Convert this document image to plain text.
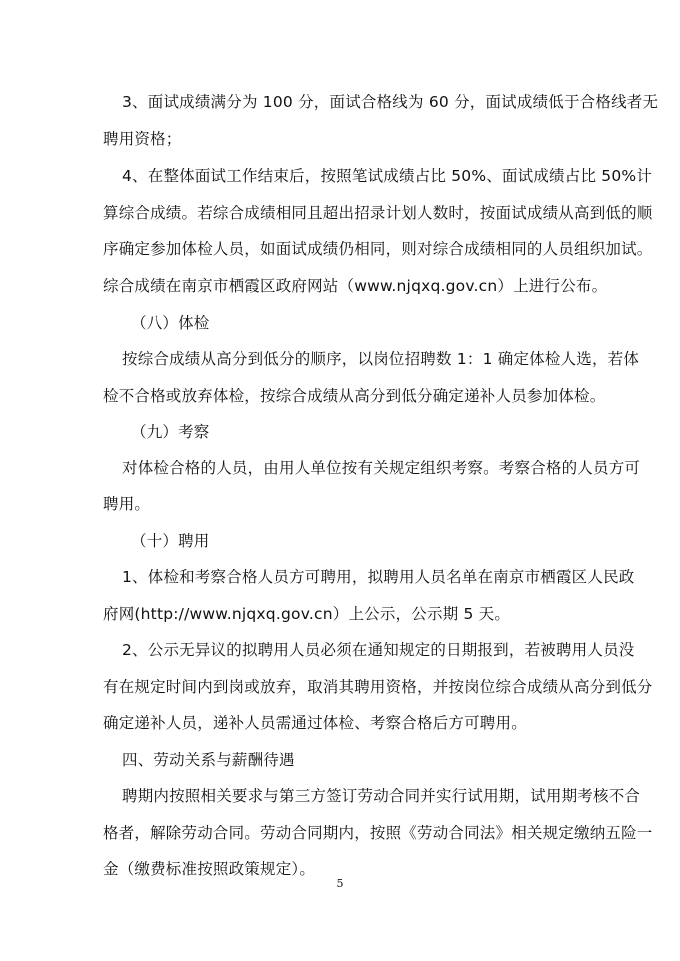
3、面试成绩满分为 100 分，面试合格线为 60 分，面试成绩低于合格线者无
聘用资格；
4、在整体面试工作结束后，按照笔试成绩占比 50%、面试成绩占比 50%计
算综合成绩。若综合成绩相同且超出招录计划人数时，按面试成绩从高到低的顺
序确定参加体检人员，如面试成绩仍相同，则对综合成绩相同的人员组织加试。
综合成绩在南京市栖霞区政府网站（www.njqxq.gov.cn）上进行公布。
（八）体检
按综合成绩从高分到低分的顺序，以岗位招聘数 1：1 确定体检人选，若体
检不合格或放弃体检，按综合成绩从高分到低分确定递补人员参加体检。
（九）考察
对体检合格的人员，由用人单位按有关规定组织考察。考察合格的人员方可
聘用。
（十）聘用
1、体检和考察合格人员方可聘用，拟聘用人员名单在南京市栖霞区人民政
府网(http://www.njqxq.gov.cn）上公示，公示期 5 天。
2、公示无异议的拟聘用人员必须在通知规定的日期报到，若被聘用人员没
有在规定时间内到岗或放弃，取消其聘用资格，并按岗位综合成绩从高分到低分
确定递补人员，递补人员需通过体检、考察合格后方可聘用。
四、劳动关系与薪酬待遇
聘期内按照相关要求与第三方签订劳动合同并实行试用期，试用期考核不合
格者，解除劳动合同。劳动合同期内，按照《劳动合同法》相关规定缴纳五险一
金（缴费标准按照政策规定）。
5
